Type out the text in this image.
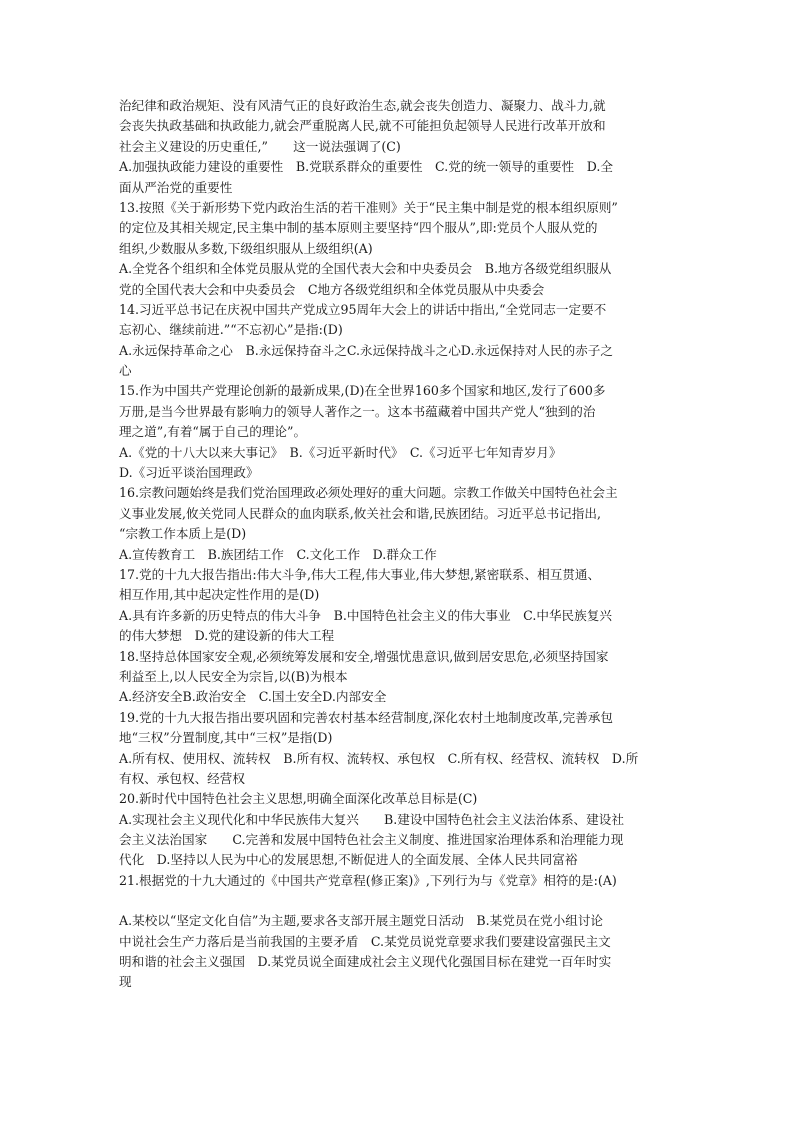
治纪律和政治规矩、没有风清气正的良好政治生态,就会丧失创造力、凝聚力、战斗力,就
会丧失执政基础和执政能力,就会严重脱离人民,就不可能担负起领导人民进行改革开放和
社会主义建设的历史重任,”　　这一说法强调了(C)
A.加强执政能力建设的重要性　B.党联系群众的重要性　C.党的统一领导的重要性　D.全
面从严治党的重要性
13.按照《关于新形势下党内政治生活的若干准则》关于“民主集中制是党的根本组织原则”
的定位及其相关规定,民主集中制的基本原则主要坚持“四个服从”,即:党员个人服从党的
组织,少数服从多数,下级组织服从上级组织(A)
A.全党各个组织和全体党员服从党的全国代表大会和中央委员会　B.地方各级党组织服从
党的全国代表大会和中央委员会　C地方各级党组织和全体党员服从中央委会
14.习近平总书记在庆祝中国共产党成立95周年大会上的讲话中指出,“全党同志一定要不
忘初心、继续前进.”“不忘初心”是指:(D)
A.永远保持革命之心　B.永远保持奋斗之C.永远保持战斗之心D.永远保持对人民的赤子之
心
15.作为中国共产党理论创新的最新成果,(D)在全世界160多个国家和地区,发行了600多
万册,是当今世界最有影响力的领导人著作之一。这本书蕴藏着中国共产党人“独到的治
理之道”,有着“属于自己的理论”。
A.《党的十八大以来大事记》　B.《习近平新时代》　C.《习近平七年知青岁月》
D.《习近平谈治国理政》
16.宗教问题始终是我们党治国理政必须处理好的重大问题。宗教工作做关中国特色社会主
义事业发展,攸关党同人民群众的血肉联系,攸关社会和谐,民族团结。习近平总书记指出,
“宗教工作本质上是(D)
A.宣传教育工　B.族团结工作　C.文化工作　D.群众工作
17.党的十九大报告指出:伟大斗争,伟大工程,伟大事业,伟大梦想,紧密联系、相互贯通、
相互作用,其中起决定性作用的是(D)
A.具有许多新的历史特点的伟大斗争　B.中国特色社会主义的伟大事业　C.中华民族复兴
的伟大梦想　D.党的建设新的伟大工程
18.坚持总体国家安全观,必须统筹发展和安全,增强忧患意识,做到居安思危,必须坚持国家
利益至上,以人民安全为宗旨,以(B)为根本
A.经济安全B.政治安全　C.国土安全D.内部安全
19.党的十九大报告指出要巩固和完善农村基本经营制度,深化农村土地制度改革,完善承包
地“三权”分置制度,其中“三权”是指(D)
A.所有权、使用权、流转权　B.所有权、流转权、承包权　C.所有权、经营权、流转权　D.所
有权、承包权、经营权
20.新时代中国特色社会主义思想,明确全面深化改革总目标是(C)
A.实现社会主义现代化和中华民族伟大复兴　　B.建设中国特色社会主义法治体系、建设社
会主义法治国家　　C.完善和发展中国特色社会主义制度、推进国家治理体系和治理能力现
代化　D.坚持以人民为中心的发展思想,不断促进人的全面发展、全体人民共同富裕
21.根据党的十九大通过的《中国共产党章程(修正案)》,下列行为与《党章》相符的是:(A)
A.某校以“坚定文化自信”为主题,要求各支部开展主题党日活动　B.某党员在党小组讨论
中说社会生产力落后是当前我国的主要矛盾　C.某党员说党章要求我们要建设富强民主文
明和谐的社会主义强国　D.某党员说全面建成社会主义现代化强国目标在建党一百年时实
现
